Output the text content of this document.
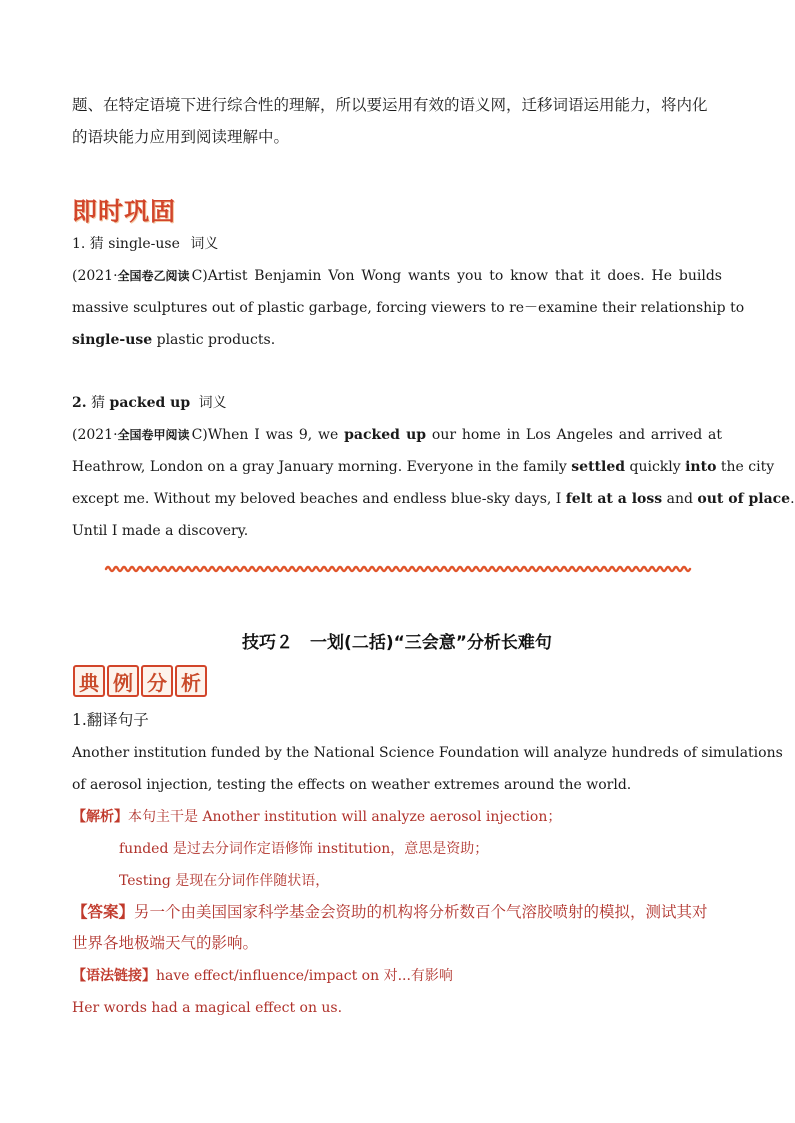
题、在特定语境下进行综合性的理解，所以要运用有效的语义网，迁移词语运用能力，将内化
的语块能力应用到阅读理解中。
即 时 巩 固
1. 猜 single-use 词义
(2021·全国卷乙阅读 C)Artist Benjamin Von Wong wants you to know that it does. He builds
massive sculptures out of plastic garbage, forcing viewers to re－examine their relationship to
single-use plastic products.
2. 猜 packed up 词义
(2021·全国卷甲阅读 C)When I was 9, we packed up our home in Los Angeles and arrived at
Heathrow, London on a gray January morning. Everyone in the family settled quickly into the city
except me. Without my beloved beaches and endless blue-sky days, I felt at a loss and out of place.
Until I made a discovery.
技巧２　一划(二括)“三会意”分析长难句
典 例 分 析
1.翻译句子
Another institution funded by the National Science Foundation will analyze hundreds of simulations
of aerosol injection, testing the effects on weather extremes around the world.
【解析】本句主干是 Another institution will analyze aerosol injection；
funded 是过去分词作定语修饰 institution，意思是资助；
Testing 是现在分词作伴随状语，
【答案】另一个由美国国家科学基金会资助的机构将分析数百个气溶胶喷射的模拟，测试其对
世界各地极端天气的影响。
【语法链接】have effect/influence/impact on 对...有影响
Her words had a magical effect on us.
